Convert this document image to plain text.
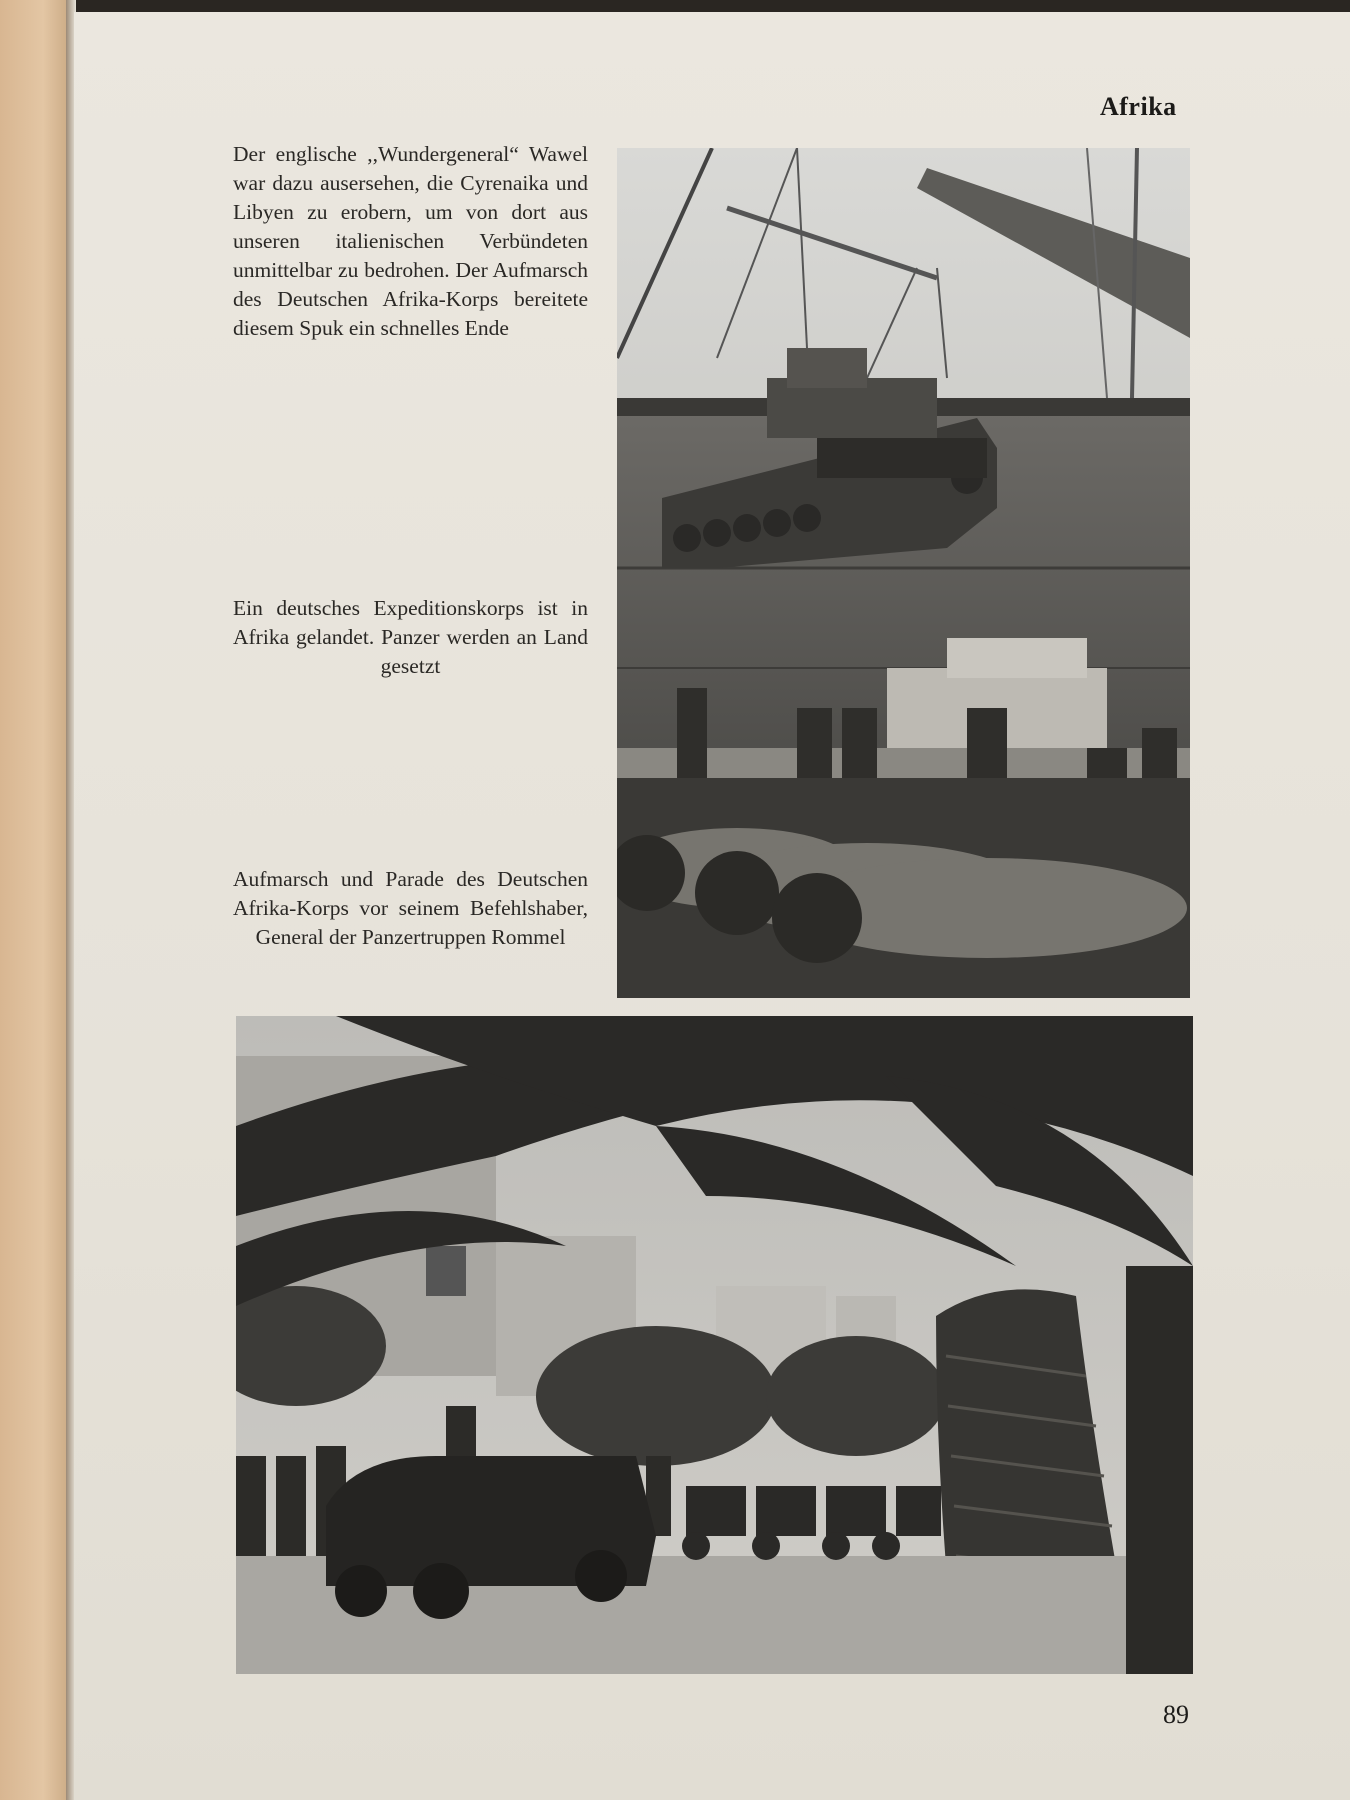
Afrika
Der englische ,,Wundergeneral“ Wawel war dazu ausersehen, die Cyrenaika und Libyen zu erobern, um von dort aus unseren italienischen Verbündeten unmittelbar zu bedrohen. Der Aufmarsch des Deutschen Afrika-Korps bereitete diesem Spuk ein schnelles Ende
Ein deutsches Expeditionskorps ist in Afrika gelandet. Panzer werden an Land gesetzt
Aufmarsch und Parade des Deutschen Afrika-Korps vor seinem Befehlshaber, General der Panzertruppen Rommel
89
